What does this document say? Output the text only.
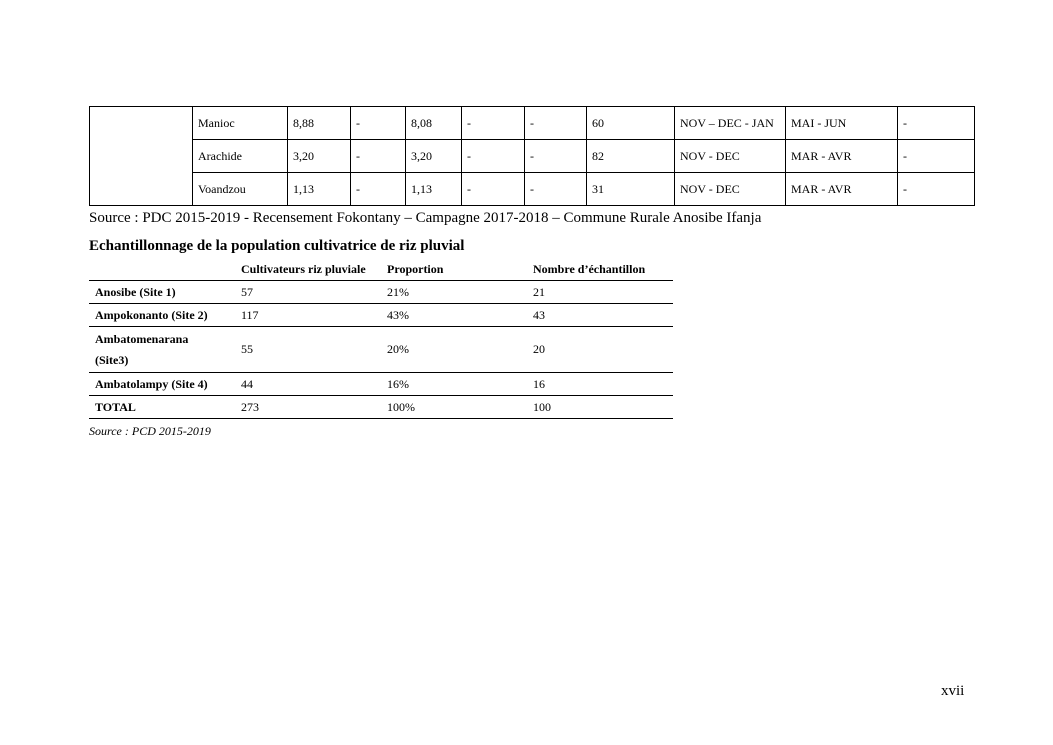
	Manioc	8,88	-	8,08	-	-	60	NOV – DEC - JAN	MAI - JUN	-
	Arachide	3,20	-	3,20	-	-	82	NOV - DEC	MAR - AVR	-
	Voandzou	1,13	-	1,13	-	-	31	NOV - DEC	MAR - AVR	-
Source : PDC 2015-2019 - Recensement Fokontany – Campagne 2017-2018 – Commune Rurale Anosibe Ifanja
Echantillonnage de la population cultivatrice de riz pluvial
	Cultivateurs riz pluviale	Proportion	Nombre d’échantillon
Anosibe (Site 1)	57	21%	21
Ampokonanto (Site 2)	117	43%	43
Ambatomenarana
(Site3)	55	20%	20
Ambatolampy (Site 4)	44	16%	16
TOTAL	273	100%	100
Source : PCD 2015-2019
xvii
